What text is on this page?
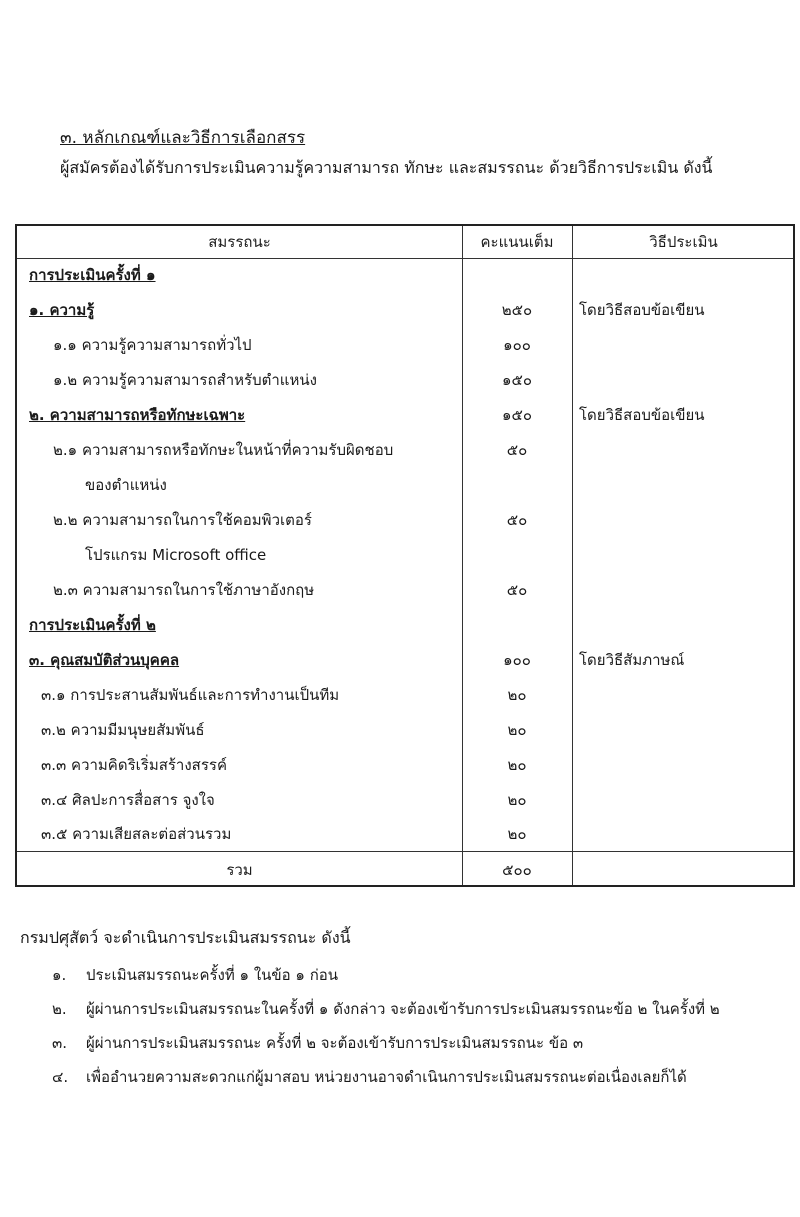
๓. หลักเกณฑ์และวิธีการเลือกสรร
ผู้สมัครต้องได้รับการประเมินความรู้ความสามารถ ทักษะ และสมรรถนะ ด้วยวิธีการประเมิน ดังนี้
สมรรถนะ	คะแนนเต็ม	วิธีประเมิน
การประเมินครั้งที่ ๑
๑. ความรู้	๒๕๐	โดยวิธีสอบข้อเขียน
๑.๑ ความรู้ความสามารถทั่วไป	๑๐๐
๑.๒ ความรู้ความสามารถสำหรับตำแหน่ง	๑๕๐
๒. ความสามารถหรือทักษะเฉพาะ	๑๕๐	โดยวิธีสอบข้อเขียน
๒.๑ ความสามารถหรือทักษะในหน้าที่ความรับผิดชอบ	๕๐
ของตำแหน่ง
๒.๒ ความสามารถในการใช้คอมพิวเตอร์	๕๐
โปรแกรม Microsoft office
๒.๓ ความสามารถในการใช้ภาษาอังกฤษ	๕๐
การประเมินครั้งที่ ๒
๓. คุณสมบัติส่วนบุคคล	๑๐๐	โดยวิธีสัมภาษณ์
๓.๑ การประสานสัมพันธ์และการทำงานเป็นทีม	๒๐
๓.๒ ความมีมนุษยสัมพันธ์	๒๐
๓.๓ ความคิดริเริ่มสร้างสรรค์	๒๐
๓.๔ ศิลปะการสื่อสาร จูงใจ	๒๐
๓.๕ ความเสียสละต่อส่วนรวม	๒๐
รวม	๕๐๐
กรมปศุสัตว์ จะดำเนินการประเมินสมรรถนะ ดังนี้
๑. ประเมินสมรรถนะครั้งที่ ๑ ในข้อ ๑ ก่อน
๒. ผู้ผ่านการประเมินสมรรถนะในครั้งที่ ๑ ดังกล่าว จะต้องเข้ารับการประเมินสมรรถนะข้อ ๒ ในครั้งที่ ๒
๓. ผู้ผ่านการประเมินสมรรถนะ ครั้งที่ ๒ จะต้องเข้ารับการประเมินสมรรถนะ ข้อ ๓
๔. เพื่ออำนวยความสะดวกแก่ผู้มาสอบ หน่วยงานอาจดำเนินการประเมินสมรรถนะต่อเนื่องเลยก็ได้
